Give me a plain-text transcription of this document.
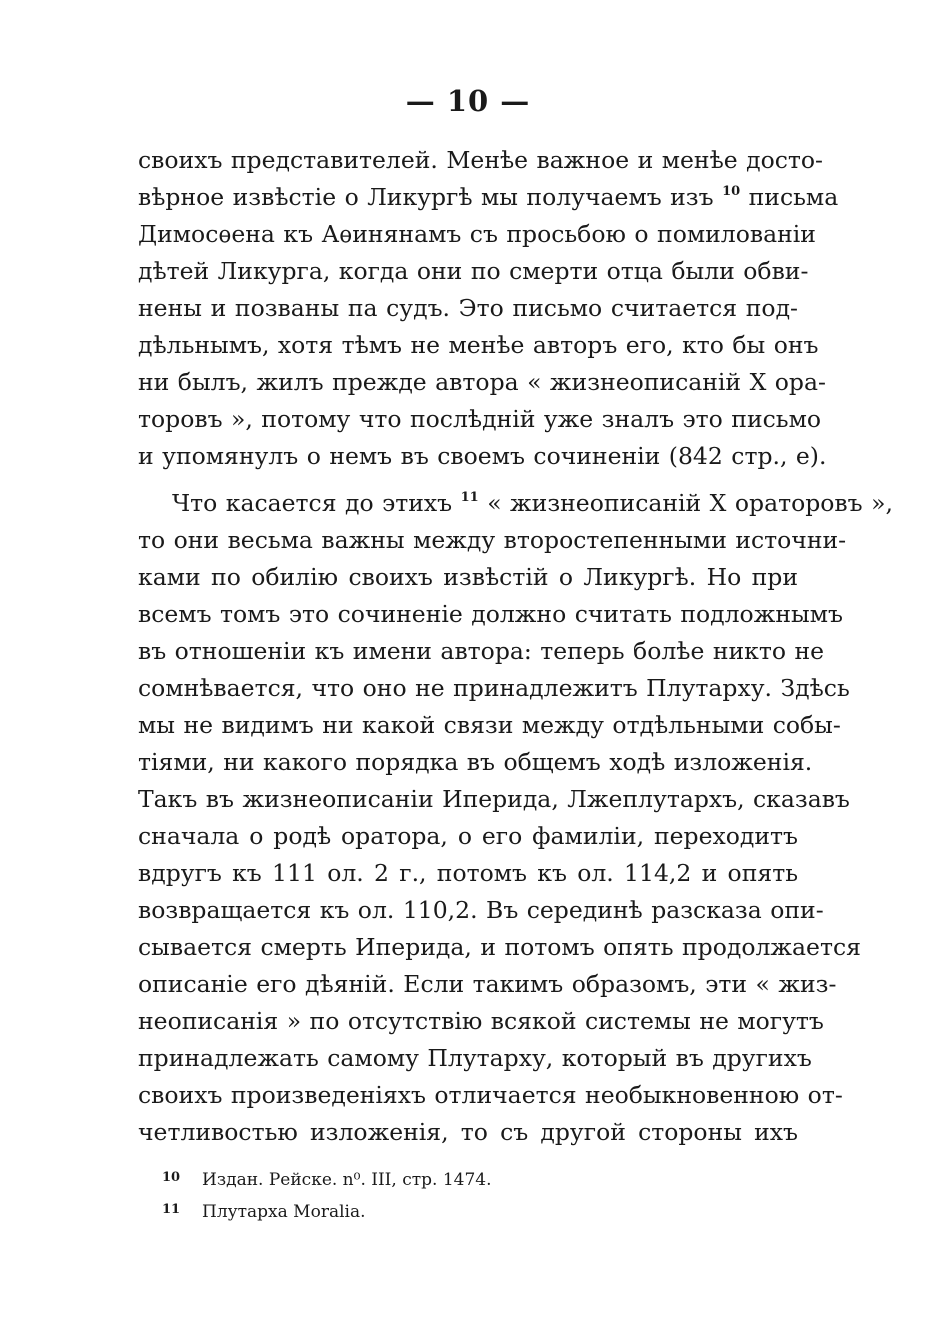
— 10 —
своихъ представителей. Менѣе важное и менѣе досто-
вѣрное извѣстіе о Ликургѣ мы получаемъ изъ $^{10}$ письма
Димосѳена къ Аѳинянамъ съ просьбою о помилованіи
дѣтей Ликурга, когда они по смерти отца были обви-
нены и позваны па судъ. Это письмо считается под-
дѣльнымъ, хотя тѣмъ не менѣе авторъ его, кто бы онъ
ни былъ, жилъ прежде автора « жизнеописаній X ора-
торовъ », потому что послѣдній уже зналъ это письмо
и упомянулъ о немъ въ своемъ сочиненіи (842 стр., е).
Что касается до этихъ $^{11}$ « жизнеописаній X ораторовъ »,
то они весьма важны между второстепенными источни-
ками по обилію своихъ извѣстій о Ликургѣ. Но при
всемъ томъ это сочиненіе должно считать подложнымъ
въ отношеніи къ имени автора: теперь болѣе никто не
сомнѣвается, что оно не принадлежитъ Плутарху. Здѣсь
мы не видимъ ни какой связи между отдѣльными собы-
тіями, ни какого порядка въ общемъ ходѣ изложенія.
Такъ въ жизнеописаніи Иперида, Лжеплутархъ, сказавъ
сначала о родѣ оратора, о его фамиліи, переходитъ
вдругъ къ 111 ол. 2 г., потомъ къ ол. 114,2 и опять
возвращается къ ол. 110,2. Въ серединѣ разсказа опи-
сывается смерть Иперида, и потомъ опять продолжается
описаніе его дѣяній. Если такимъ образомъ, эти « жиз-
неописанія » по отсутствію всякой системы не могутъ
принадлежать самому Плутарху, который въ другихъ
своихъ произведеніяхъ отличается необыкновенною от-
четливостью изложенія, то съ другой стороны ихъ
10 Издан. Рейске. n⁰. III, стр. 1474.
11 Плутарха Moralia.
